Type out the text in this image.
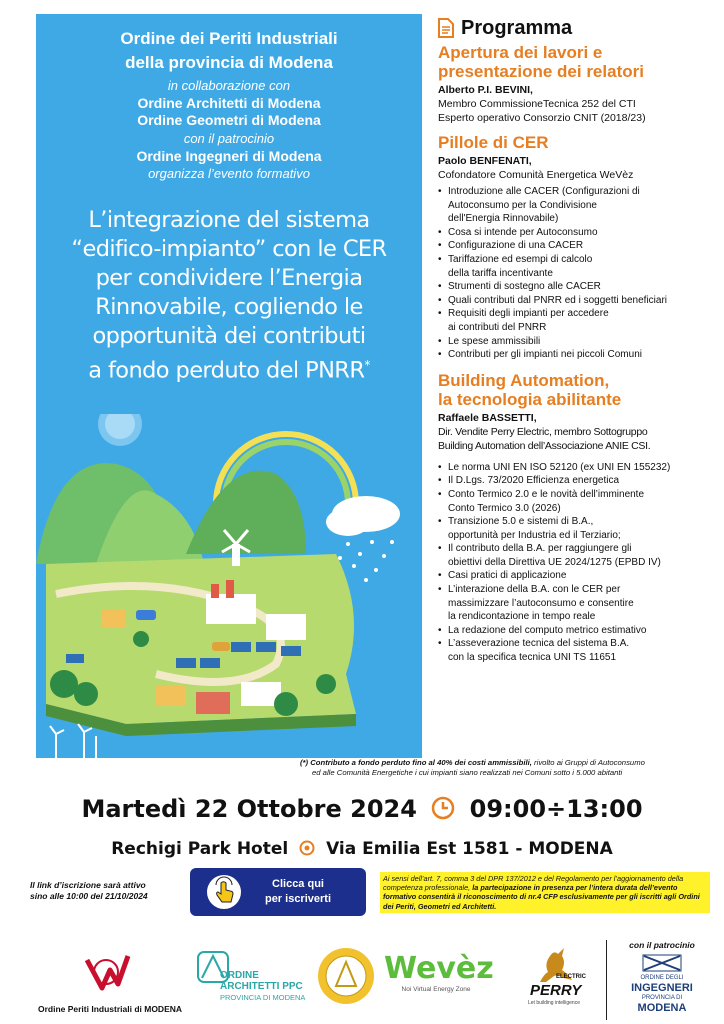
Ordine dei Periti Industriali
della provincia di Modena
in collaborazione con
Ordine Architetti di Modena
Ordine Geometri di Modena
con il patrocinio
Ordine Ingegneri di Modena
organizza l’evento formativo
L’integrazione del sistema
“edifico-impianto” con le CER
per condividere l’Energia
Rinnovabile, cogliendo le
opportunità dei contributi
a fondo perduto del PNRR*
Programma
Apertura dei lavori e
presentazione dei relatori
Alberto P.I. BEVINI,
Membro CommissioneTecnica 252 del CTI
Esperto operativo Consorzio CNIT (2018/23)
Pillole di CER
Paolo BENFENATI,
Cofondatore Comunità Energetica WeVèz
• Introduzione alle CACER (Configurazioni di
Autoconsumo per la Condivisione
dell'Energia Rinnovabile)
• Cosa si intende per Autoconsumo
• Configurazione di una CACER
• Tariffazione ed esempi di calcolo
della tariffa incentivante
• Strumenti di sostegno alle CACER
• Quali contributi dal PNRR ed i soggetti beneficiari
• Requisiti degli impianti per accedere
ai contributi del PNRR
• Le spese ammissibili
• Contributi per gli impianti nei piccoli Comuni
Building Automation,
la tecnologia abilitante
Raffaele BASSETTI,
Dir. Vendite Perry Electric, membro Sottogruppo
Building Automation dell’Associazione ANIE CSI.
• Le norma UNI EN ISO 52120 (ex UNI EN 155232)
• Il D.Lgs. 73/2020 Efficienza energetica
• Conto Termico 2.0 e le novità dell’imminente
Conto Termico 3.0 (2026)
• Transizione 5.0 e sistemi di B.A.,
opportunità per Industria ed il Terziario;
• Il contributo della B.A. per raggiungere gli
obiettivi della Direttiva UE 2024/1275 (EPBD IV)
• Casi pratici di applicazione
• L’interazione della B.A. con le CER per
massimizzare l’autoconsumo e consentire
la rendicontazione in tempo reale
• La redazione del computo metrico estimativo
• L’asseverazione tecnica del sistema B.A.
con la specifica tecnica UNI TS 11651
(*) Contributo a fondo perduto fino al 40% dei costi ammissibili, rivolto ai Gruppi di Autoconsumo
ed alle Comunità Energetiche i cui impianti siano realizzati nei Comuni sotto i 5.000 abitanti
Martedì 22 Ottobre 2024 09:00÷13:00
Rechigi Park Hotel Via Emilia Est 1581 - MODENA
Il link d’iscrizione sarà attivo
sino alle 10:00 del 21/10/2024
Clicca qui
per iscriverti
Ai sensi dell’art. 7, comma 3 del DPR 137/2012 e del Regolamento per l’aggiornamento della competenza professionale, la partecipazione in presenza per l’intera durata dell’evento formativo consentirà il riconoscimento di nr.4 CFP esclusivamente per gli iscritti agli Ordini dei Periti, Geometri ed Architetti.
Ordine Periti Industriali di MODENA
ORDINE
ARCHITETTI PPC
PROVINCIA DI MODENA
Wevèz
Noi Virtual Energy Zone
ELECTRIC
PERRY
Let building intelligence
con il patrocinio
ORDINE DEGLI
INGEGNERI
PROVINCIA DI
MODENA
